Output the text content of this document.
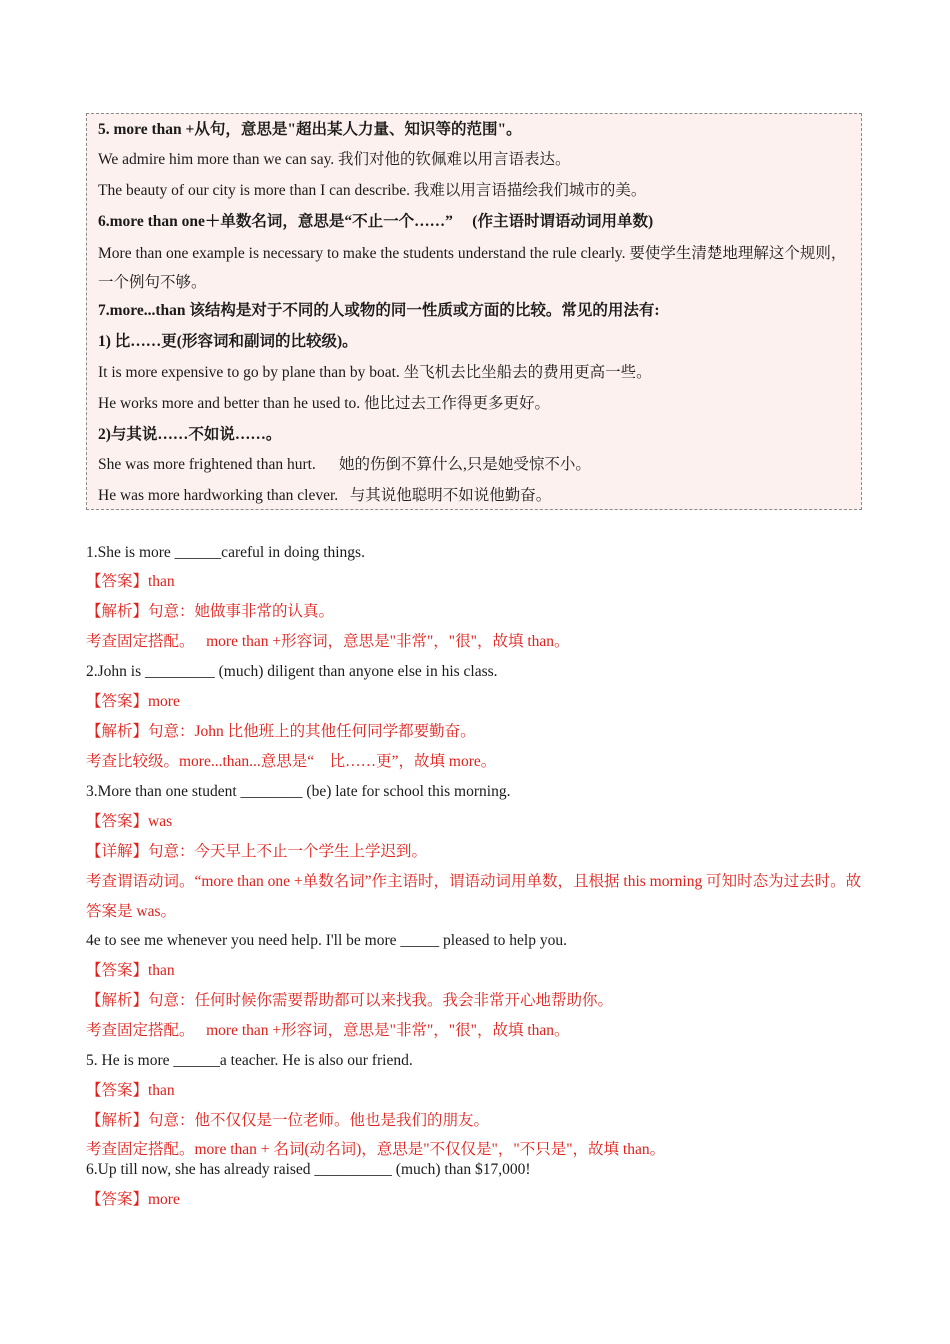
5. more than +从句，意思是"超出某人力量、知识等的范围"。
We admire him more than we can say. 我们对他的钦佩难以用言语表达。
The beauty of our city is more than I can describe. 我难以用言语描绘我们城市的美。
6.more than one＋单数名词，意思是“不止一个……”　 (作主语时谓语动词用单数)
More than one example is necessary to make the students understand the rule clearly. 要使学生清楚地理解这个规则，一个例句不够。
7.more...than 该结构是对于不同的人或物的同一性质或方面的比较。常见的用法有:
1) 比……更(形容词和副词的比较级)。
It is more expensive to go by plane than by boat. 坐飞机去比坐船去的费用更高一些。
He works more and better than he used to. 他比过去工作得更多更好。
2)与其说……不如说……。
She was more frightened than hurt.      她的伤倒不算什么,只是她受惊不小。
He was more hardworking than clever.   与其说他聪明不如说他勤奋。
1.She is more ______careful in doing things.
【答案】than
【解析】句意：她做事非常的认真。
考查固定搭配。　 more than +形容词，意思是"非常"，"很"，故填 than。
2.John is _________ (much) diligent than anyone else in his class.
【答案】more
【解析】句意：John 比他班上的其他任何同学都要勤奋。
考查比较级。more...than...意思是“　比……更”，故填 more。
3.More than one student ________ (be) late for school this morning.
【答案】was
【详解】句意：今天早上不止一个学生上学迟到。
考查谓语动词。“more than one +单数名词”作主语时，谓语动词用单数，且根据 this morning 可知时态为过去时。故答案是 was。
4e to see me whenever you need help. I'll be more _____ pleased to help you.
【答案】than
【解析】句意：任何时候你需要帮助都可以来找我。我会非常开心地帮助你。
考查固定搭配。　 more than +形容词，意思是"非常"，"很"，故填 than。
5. He is more ______a teacher. He is also our friend.
【答案】than
【解析】句意：他不仅仅是一位老师。他也是我们的朋友。
考查固定搭配。more than + 名词(动名词)，意思是"不仅仅是"，"不只是"，故填 than。
6.Up till now, she has already raised __________ (much) than $17,000!
【答案】more
